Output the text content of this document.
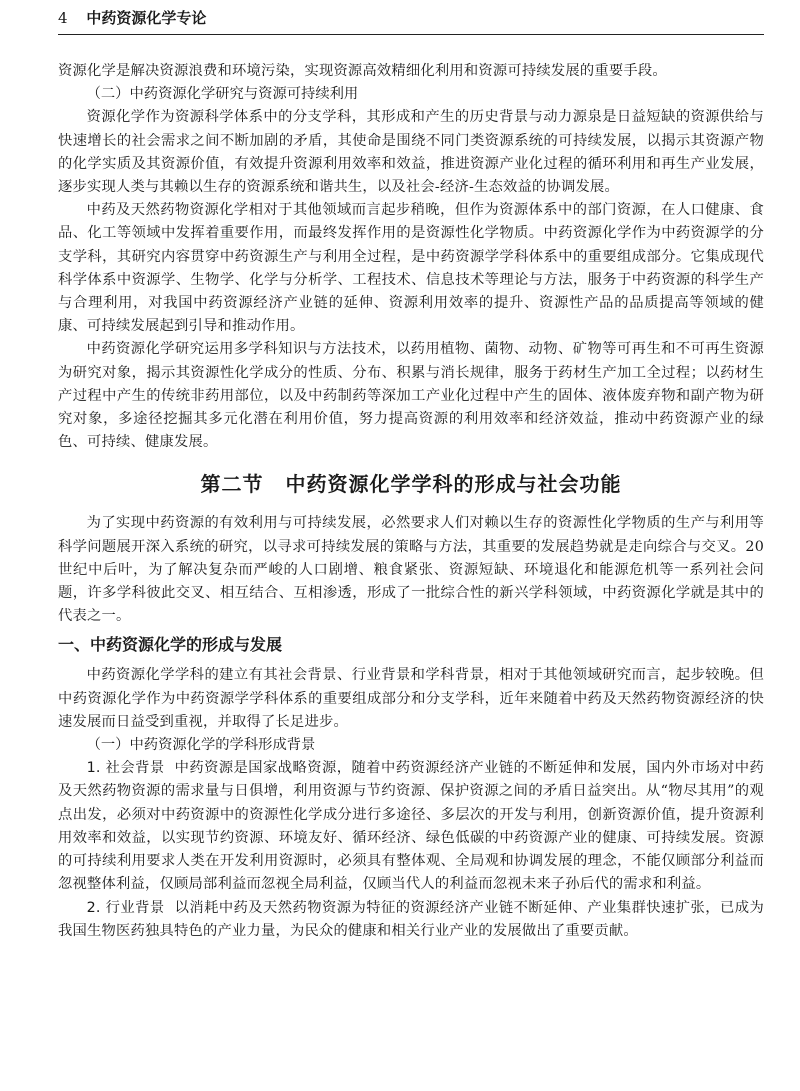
4 中药资源化学专论

资源化学是解决资源浪费和环境污染，实现资源高效精细化利用和资源可持续发展的重要手段。

（二）中药资源化学研究与资源可持续利用

资源化学作为资源科学体系中的分支学科，其形成和产生的历史背景与动力源泉是日益短缺的资源供给与快速增长的社会需求之间不断加剧的矛盾，其使命是围绕不同门类资源系统的可持续发展，以揭示其资源产物的化学实质及其资源价值，有效提升资源利用效率和效益，推进资源产业化过程的循环利用和再生产业发展，逐步实现人类与其赖以生存的资源系统和谐共生，以及社会-经济-生态效益的协调发展。

中药及天然药物资源化学相对于其他领域而言起步稍晚，但作为资源体系中的部门资源，在人口健康、食品、化工等领域中发挥着重要作用，而最终发挥作用的是资源性化学物质。中药资源化学作为中药资源学的分支学科，其研究内容贯穿中药资源生产与利用全过程，是中药资源学学科体系中的重要组成部分。它集成现代科学体系中资源学、生物学、化学与分析学、工程技术、信息技术等理论与方法，服务于中药资源的科学生产与合理利用，对我国中药资源经济产业链的延伸、资源利用效率的提升、资源性产品的品质提高等领域的健康、可持续发展起到引导和推动作用。

中药资源化学研究运用多学科知识与方法技术，以药用植物、菌物、动物、矿物等可再生和不可再生资源为研究对象，揭示其资源性化学成分的性质、分布、积累与消长规律，服务于药材生产加工全过程；以药材生产过程中产生的传统非药用部位，以及中药制药等深加工产业化过程中产生的固体、液体废弃物和副产物为研究对象，多途径挖掘其多元化潜在利用价值，努力提高资源的利用效率和经济效益，推动中药资源产业的绿色、可持续、健康发展。

第二节 中药资源化学学科的形成与社会功能

为了实现中药资源的有效利用与可持续发展，必然要求人们对赖以生存的资源性化学物质的生产与利用等科学问题展开深入系统的研究，以寻求可持续发展的策略与方法，其重要的发展趋势就是走向综合与交叉。20世纪中后叶，为了解决复杂而严峻的人口剧增、粮食紧张、资源短缺、环境退化和能源危机等一系列社会问题，许多学科彼此交叉、相互结合、互相渗透，形成了一批综合性的新兴学科领域，中药资源化学就是其中的代表之一。

一、中药资源化学的形成与发展

中药资源化学学科的建立有其社会背景、行业背景和学科背景，相对于其他领域研究而言，起步较晚。但中药资源化学作为中药资源学学科体系的重要组成部分和分支学科，近年来随着中药及天然药物资源经济的快速发展而日益受到重视，并取得了长足进步。

（一）中药资源化学的学科形成背景

1. 社会背景 中药资源是国家战略资源，随着中药资源经济产业链的不断延伸和发展，国内外市场对中药及天然药物资源的需求量与日俱增，利用资源与节约资源、保护资源之间的矛盾日益突出。从“物尽其用”的观点出发，必须对中药资源中的资源性化学成分进行多途径、多层次的开发与利用，创新资源价值，提升资源利用效率和效益，以实现节约资源、环境友好、循环经济、绿色低碳的中药资源产业的健康、可持续发展。资源的可持续利用要求人类在开发利用资源时，必须具有整体观、全局观和协调发展的理念，不能仅顾部分利益而忽视整体利益，仅顾局部利益而忽视全局利益，仅顾当代人的利益而忽视未来子孙后代的需求和利益。

2. 行业背景 以消耗中药及天然药物资源为特征的资源经济产业链不断延伸、产业集群快速扩张，已成为我国生物医药独具特色的产业力量，为民众的健康和相关行业产业的发展做出了重要贡献。
